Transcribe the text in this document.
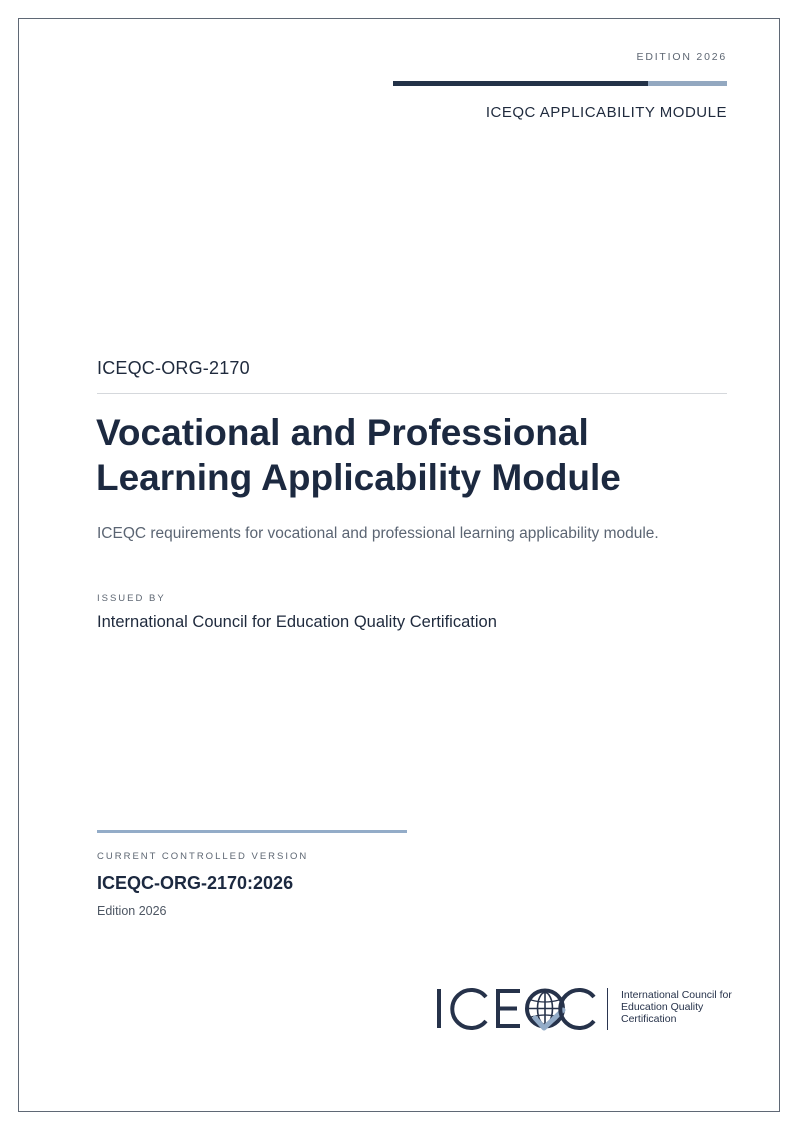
EDITION 2026
ICEQC APPLICABILITY MODULE
ICEQC-ORG-2170
Vocational and Professional Learning Applicability Module
ICEQC requirements for vocational and professional learning applicability module.
ISSUED BY
International Council for Education Quality Certification
CURRENT CONTROLLED VERSION
ICEQC-ORG-2170:2026
Edition 2026
International Council for
Education Quality
Certification
